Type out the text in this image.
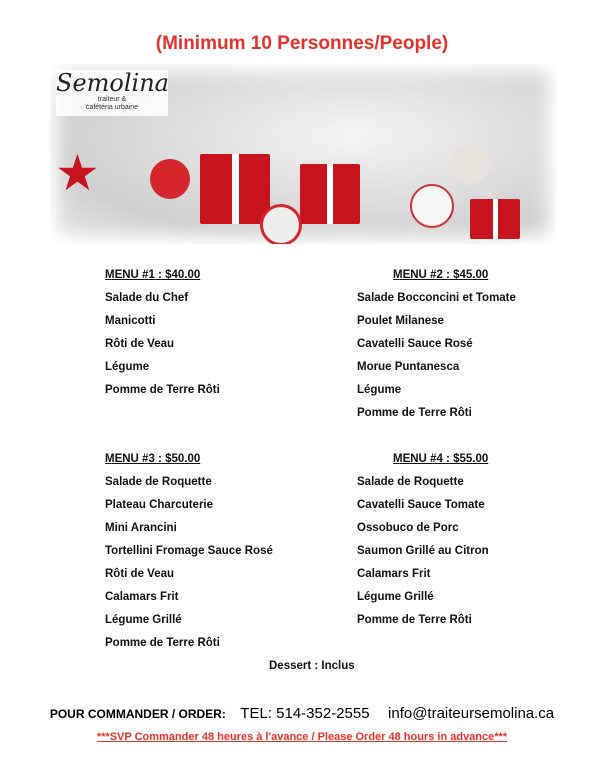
(Minimum 10 Personnes/People)
Semolina
traiteur &
cafétéria urbaine
★
MENU #1 : $40.00
Salade du Chef
Manicotti
Rôti de Veau
Légume
Pomme de Terre Rôti
MENU #2 : $45.00
Salade Bocconcini et Tomate
Poulet Milanese
Cavatelli Sauce Rosé
Morue Puntanesca
Légume
Pomme de Terre Rôti
MENU #3 : $50.00
Salade de Roquette
Plateau Charcuterie
Mini Arancini
Tortellini Fromage Sauce Rosé
Rôti de Veau
Calamars Frit
Légume Grillé
Pomme de Terre Rôti
MENU #4 : $55.00
Salade de Roquette
Cavatelli Sauce Tomate
Ossobuco de Porc
Saumon Grillé au Citron
Calamars Frit
Légume Grillé
Pomme de Terre Rôti
Dessert : Inclus
POUR COMMANDER / ORDER: TEL: 514-352-2555 info@traiteursemolina.ca
***SVP Commander 48 heures à l'avance / Please Order 48 hours in advance***
